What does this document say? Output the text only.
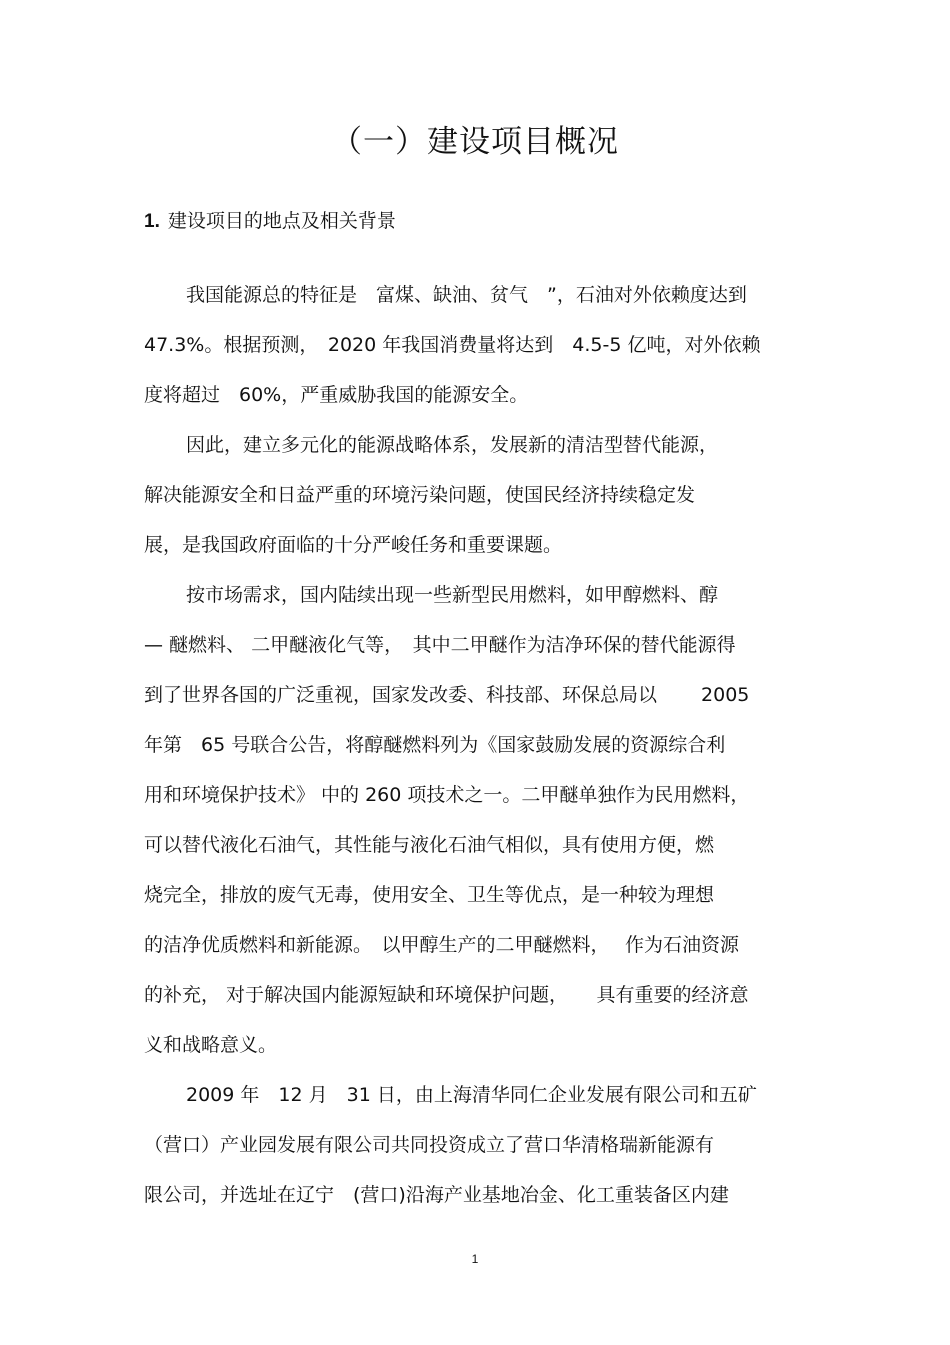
（一）建设项目概况
1. 建设项目的地点及相关背景
我国能源总的特征是　富煤、缺油、贫气　”，石油对外依赖度达到
47.3%。根据预测，　2020 年我国消费量将达到　4.5-5 亿吨，对外依赖
度将超过　60%，严重威胁我国的能源安全。
因此，建立多元化的能源战略体系，发展新的清洁型替代能源，
解决能源安全和日益严重的环境污染问题，使国民经济持续稳定发
展，是我国政府面临的十分严峻任务和重要课题。
按市场需求，国内陆续出现一些新型民用燃料，如甲醇燃料、醇
— 醚燃料、 二甲醚液化气等，　其中二甲醚作为洁净环保的替代能源得
到了世界各国的广泛重视，国家发改委、科技部、环保总局以　　 2005
年第　65 号联合公告，将醇醚燃料列为《国家鼓励发展的资源综合利
用和环境保护技术》 中的 260 项技术之一。二甲醚单独作为民用燃料，
可以替代液化石油气，其性能与液化石油气相似，具有使用方便，燃
烧完全，排放的废气无毒，使用安全、卫生等优点，是一种较为理想
的洁净优质燃料和新能源。　以甲醇生产的二甲醚燃料，　 作为石油资源
的补充， 对于解决国内能源短缺和环境保护问题，　　具有重要的经济意
义和战略意义。
2009 年　12 月　31 日，由上海清华同仁企业发展有限公司和五矿
（营口）产业园发展有限公司共同投资成立了营口华清格瑞新能源有
限公司，并选址在辽宁　(营口)沿海产业基地冶金、化工重装备区内建
1
